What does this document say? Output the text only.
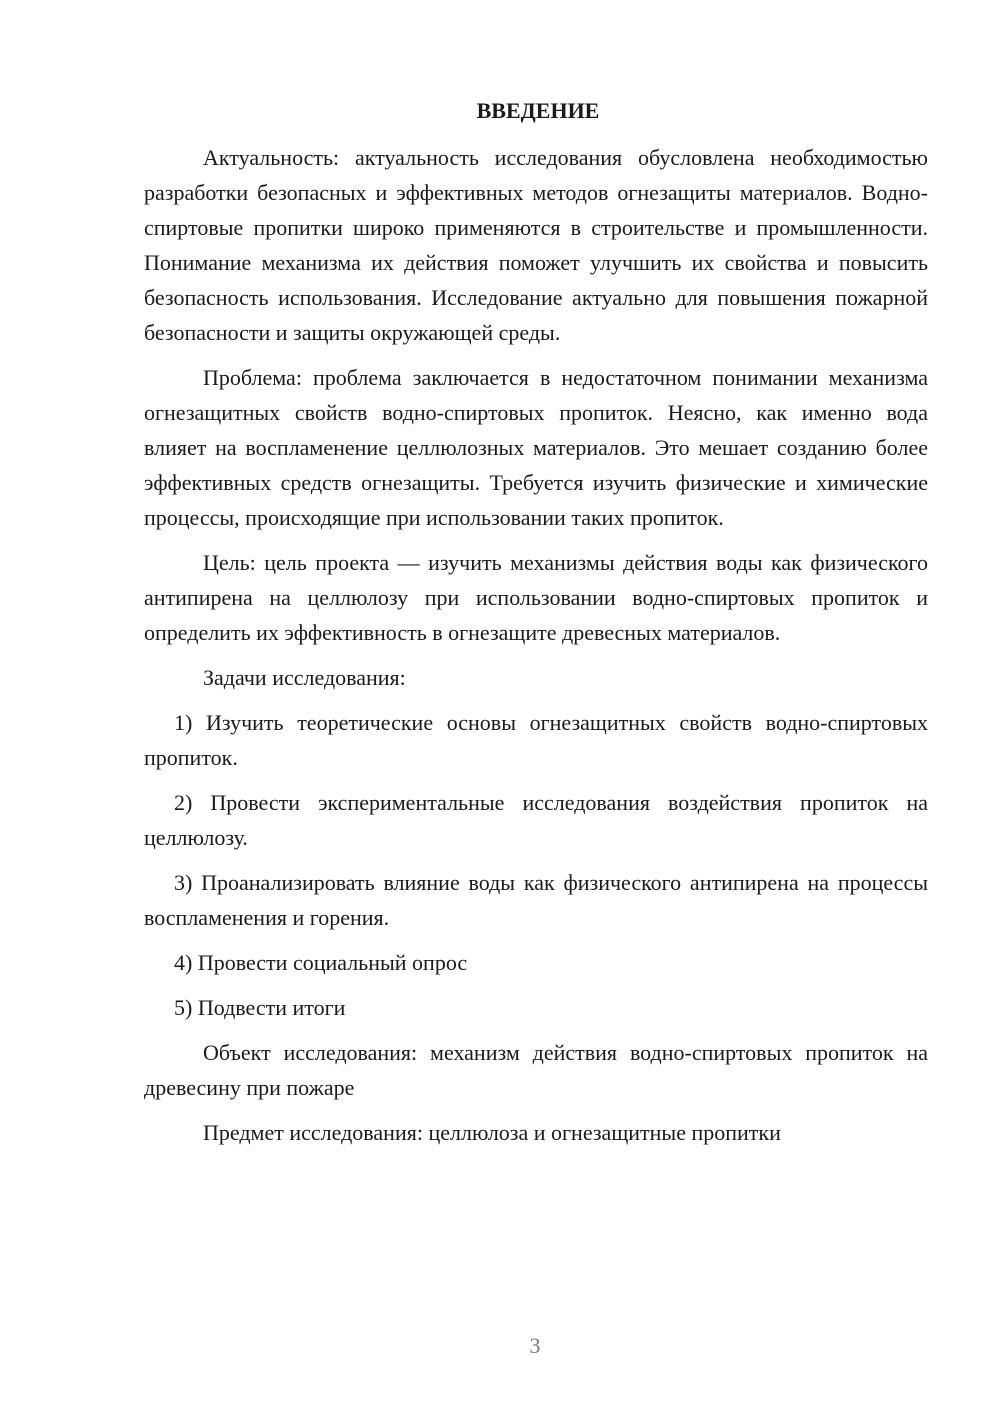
ВВЕДЕНИЕ

Актуальность: актуальность исследования обусловлена необходимостью разработки безопасных и эффективных методов огнезащиты материалов. Водно-спиртовые пропитки широко применяются в строительстве и промышленности. Понимание механизма их действия поможет улучшить их свойства и повысить безопасность использования. Исследование актуально для повышения пожарной безопасности и защиты окружающей среды.

Проблема: проблема заключается в недостаточном понимании механизма огнезащитных свойств водно-спиртовых пропиток. Неясно, как именно вода влияет на воспламенение целлюлозных материалов. Это мешает созданию более эффективных средств огнезащиты. Требуется изучить физические и химические процессы, происходящие при использовании таких пропиток.

Цель: цель проекта — изучить механизмы действия воды как физического антипирена на целлюлозу при использовании водно-спиртовых пропиток и определить их эффективность в огнезащите древесных материалов.

Задачи исследования:

1) Изучить теоретические основы огнезащитных свойств водно-спиртовых пропиток.

2) Провести экспериментальные исследования воздействия пропиток на целлюлозу.

3) Проанализировать влияние воды как физического антипирена на процессы воспламенения и горения.

4) Провести социальный опрос

5) Подвести итоги

Объект исследования: механизм действия водно-спиртовых пропиток на древесину при пожаре

Предмет исследования: целлюлоза и огнезащитные пропитки

3
